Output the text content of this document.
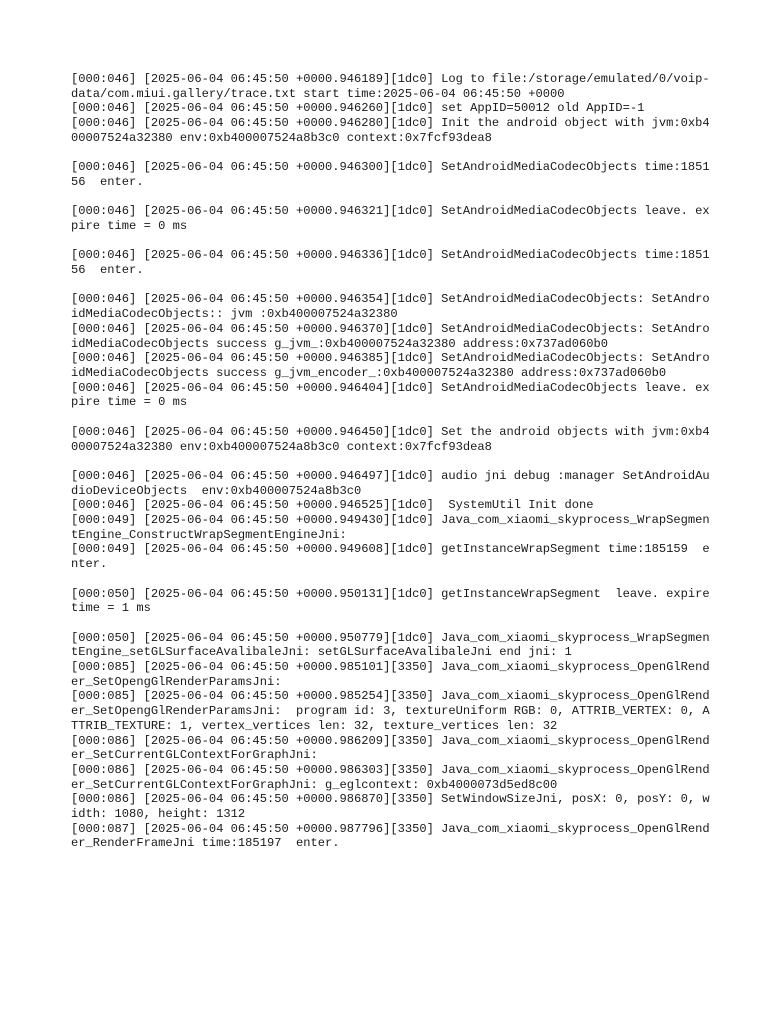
[000:046] [2025-06-04 06:45:50 +0000.946189][1dc0] Log to file:/storage/emulated/0/voip-data/com.miui.gallery/trace.txt start time:2025-06-04 06:45:50 +0000
[000:046] [2025-06-04 06:45:50 +0000.946260][1dc0] set AppID=50012 old AppID=-1
[000:046] [2025-06-04 06:45:50 +0000.946280][1dc0] Init the android object with jvm:0xb400007524a32380 env:0xb400007524a8b3c0 context:0x7fcf93dea8
[000:046] [2025-06-04 06:45:50 +0000.946300][1dc0] SetAndroidMediaCodecObjects time:185156  enter.
[000:046] [2025-06-04 06:45:50 +0000.946321][1dc0] SetAndroidMediaCodecObjects leave. expire time = 0 ms
[000:046] [2025-06-04 06:45:50 +0000.946336][1dc0] SetAndroidMediaCodecObjects time:185156  enter.
[000:046] [2025-06-04 06:45:50 +0000.946354][1dc0] SetAndroidMediaCodecObjects: SetAndroidMediaCodecObjects:: jvm :0xb400007524a32380
[000:046] [2025-06-04 06:45:50 +0000.946370][1dc0] SetAndroidMediaCodecObjects: SetAndroidMediaCodecObjects success g_jvm_:0xb400007524a32380 address:0x737ad060b0
[000:046] [2025-06-04 06:45:50 +0000.946385][1dc0] SetAndroidMediaCodecObjects: SetAndroidMediaCodecObjects success g_jvm_encoder_:0xb400007524a32380 address:0x737ad060b0
[000:046] [2025-06-04 06:45:50 +0000.946404][1dc0] SetAndroidMediaCodecObjects leave. expire time = 0 ms
[000:046] [2025-06-04 06:45:50 +0000.946450][1dc0] Set the android objects with jvm:0xb400007524a32380 env:0xb400007524a8b3c0 context:0x7fcf93dea8
[000:046] [2025-06-04 06:45:50 +0000.946497][1dc0] audio jni debug :manager SetAndroidAudioDeviceObjects  env:0xb400007524a8b3c0
[000:046] [2025-06-04 06:45:50 +0000.946525][1dc0]  SystemUtil Init done
[000:049] [2025-06-04 06:45:50 +0000.949430][1dc0] Java_com_xiaomi_skyprocess_WrapSegmentEngine_ConstructWrapSegmentEngineJni:
[000:049] [2025-06-04 06:45:50 +0000.949608][1dc0] getInstanceWrapSegment time:185159  enter.
[000:050] [2025-06-04 06:45:50 +0000.950131][1dc0] getInstanceWrapSegment  leave. expire time = 1 ms
[000:050] [2025-06-04 06:45:50 +0000.950779][1dc0] Java_com_xiaomi_skyprocess_WrapSegmentEngine_setGLSurfaceAvalibaleJni: setGLSurfaceAvalibaleJni end jni: 1
[000:085] [2025-06-04 06:45:50 +0000.985101][3350] Java_com_xiaomi_skyprocess_OpenGlRender_SetOpengGlRenderParamsJni:
[000:085] [2025-06-04 06:45:50 +0000.985254][3350] Java_com_xiaomi_skyprocess_OpenGlRender_SetOpengGlRenderParamsJni:  program id: 3, textureUniform RGB: 0, ATTRIB_VERTEX: 0, ATTRIB_TEXTURE: 1, vertex_vertices len: 32, texture_vertices len: 32
[000:086] [2025-06-04 06:45:50 +0000.986209][3350] Java_com_xiaomi_skyprocess_OpenGlRender_SetCurrentGLContextForGraphJni:
[000:086] [2025-06-04 06:45:50 +0000.986303][3350] Java_com_xiaomi_skyprocess_OpenGlRender_SetCurrentGLContextForGraphJni: g_eglcontext: 0xb4000073d5ed8c00
[000:086] [2025-06-04 06:45:50 +0000.986870][3350] SetWindowSizeJni, posX: 0, posY: 0, width: 1080, height: 1312
[000:087] [2025-06-04 06:45:50 +0000.987796][3350] Java_com_xiaomi_skyprocess_OpenGlRender_RenderFrameJni time:185197  enter.
